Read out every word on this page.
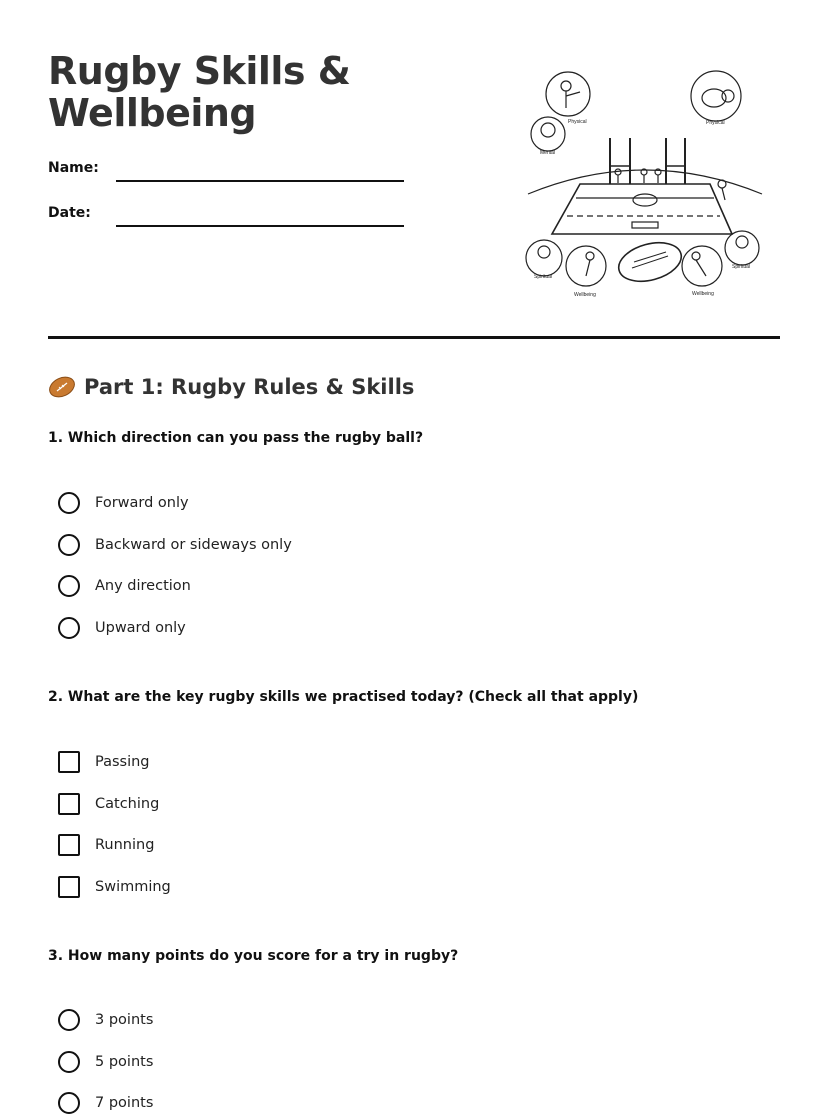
Rugby Skills & Wellbeing
Name:
Date:
Physical
Mental
Physical
Spiritual
Wellbeing
Spiritual
Wellbeing
Part 1: Rugby Rules & Skills
1. Which direction can you pass the rugby ball?
Forward only
Backward or sideways only
Any direction
Upward only
2. What are the key rugby skills we practised today? (Check all that apply)
Passing
Catching
Running
Swimming
3. How many points do you score for a try in rugby?
3 points
5 points
7 points
